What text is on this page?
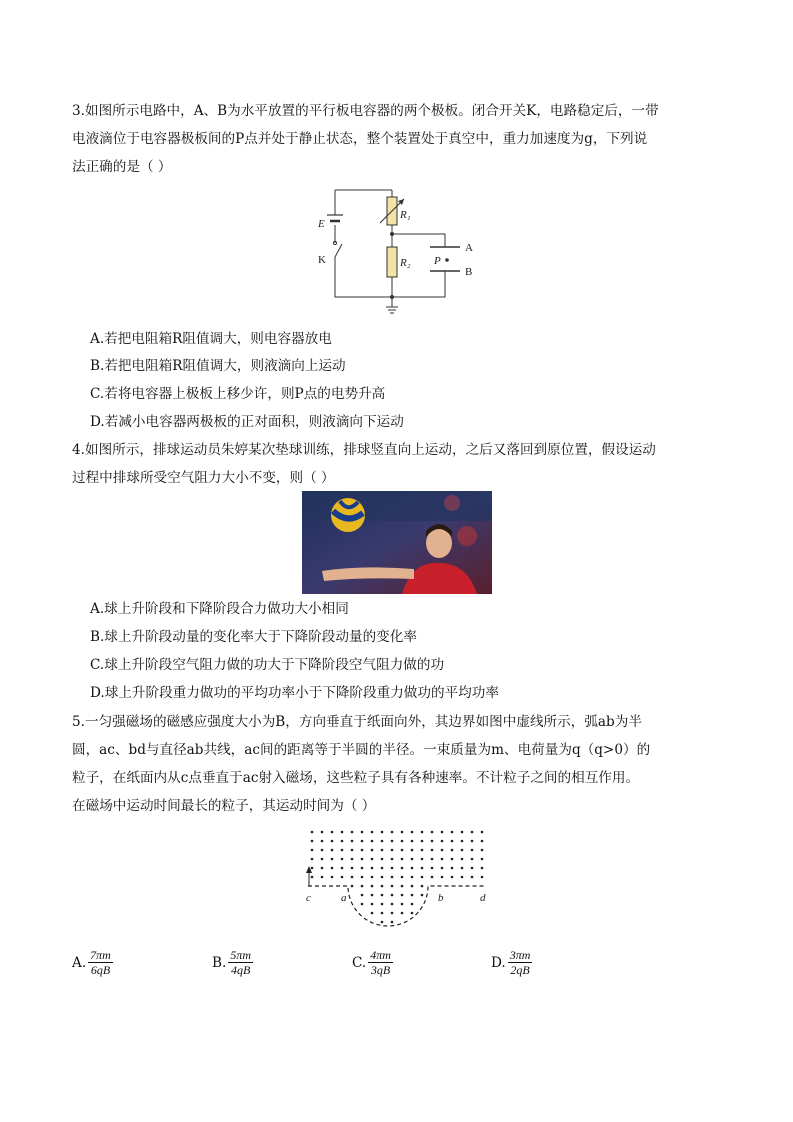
3.如图所示电路中，A、B为水平放置的平行板电容器的两个极板。闭合开关K，电路稳定后，一带
电液滴位于电容器极板间的P点并处于静止状态，整个装置处于真空中，重力加速度为g，下列说
法正确的是（ ）
E
K
R₁
R₂ P
A
B
A.若把电阻箱R阻值调大，则电容器放电
B.若把电阻箱R阻值调大，则液滴向上运动
C.若将电容器上极板上移少许，则P点的电势升高
D.若减小电容器两极板的正对面积，则液滴向下运动
4.如图所示，排球运动员朱婷某次垫球训练，排球竖直向上运动，之后又落回到原位置，假设运动
过程中排球所受空气阻力大小不变，则（ ）
A.球上升阶段和下降阶段合力做功大小相同
B.球上升阶段动量的变化率大于下降阶段动量的变化率
C.球上升阶段空气阻力做的功大于下降阶段空气阻力做的功
D.球上升阶段重力做功的平均功率小于下降阶段重力做功的平均功率
5.一匀强磁场的磁感应强度大小为B，方向垂直于纸面向外，其边界如图中虚线所示，弧ab为半
圆，ac、bd与直径ab共线，ac间的距离等于半圆的半径。一束质量为m、电荷量为q（q>0）的
粒子，在纸面内从c点垂直于ac射入磁场，这些粒子具有各种速率。不计粒子之间的相互作用。
在磁场中运动时间最长的粒子，其运动时间为（ ）
c	a	b	d
A. $\frac{7\pi m}{6qB}$	B. $\frac{5\pi m}{4qB}$	C. $\frac{4\pi m}{3qB}$	D. $\frac{3\pi m}{2qB}$
